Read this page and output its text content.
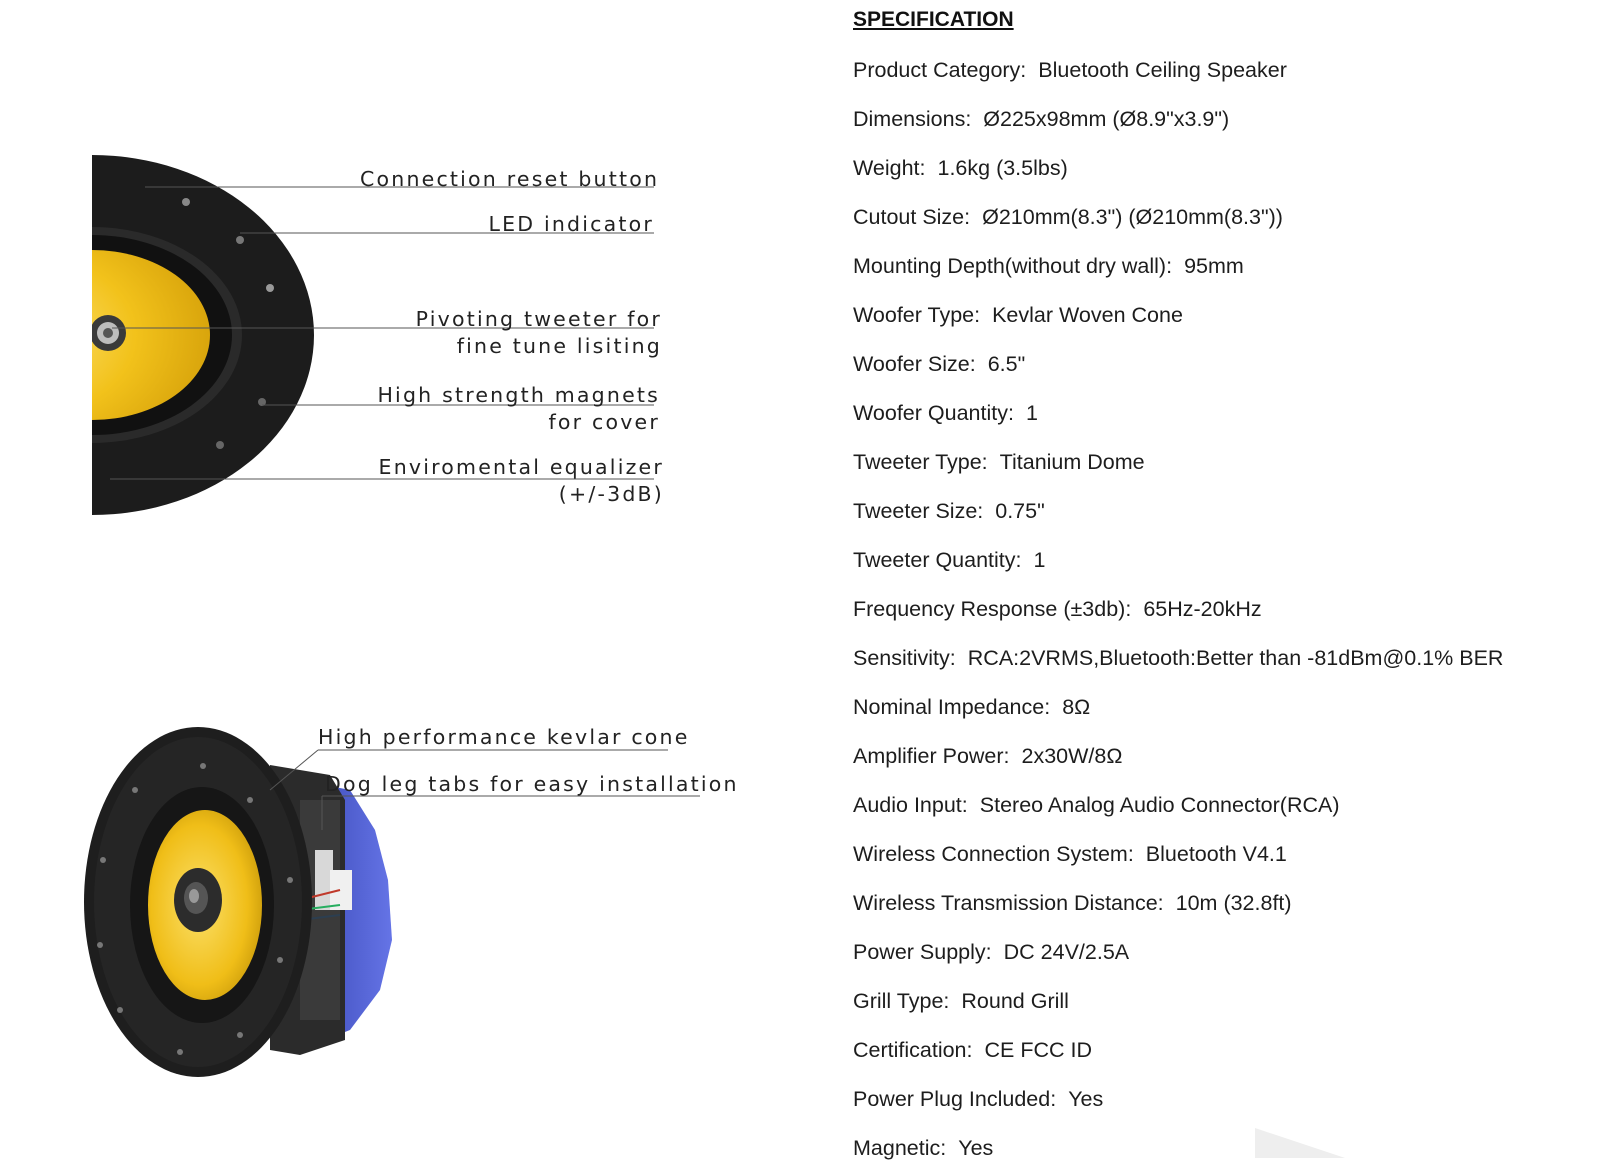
Connection reset button
LED indicator
Pivoting tweeter for
fine tune lisiting
High strength magnets
for cover
Enviromental equalizer
(+/-3dB)
High performance kevlar cone
Dog leg tabs for easy installation
SPECIFICATION
Product Category: Bluetooth Ceiling Speaker
Dimensions: Ø225x98mm (Ø8.9"x3.9")
Weight: 1.6kg (3.5lbs)
Cutout Size: Ø210mm(8.3") (Ø210mm(8.3"))
Mounting Depth(without dry wall): 95mm
Woofer Type: Kevlar Woven Cone
Woofer Size: 6.5"
Woofer Quantity: 1
Tweeter Type: Titanium Dome
Tweeter Size: 0.75"
Tweeter Quantity: 1
Frequency Response (±3db): 65Hz-20kHz
Sensitivity: RCA:2VRMS,Bluetooth:Better than -81dBm@0.1% BER
Nominal Impedance: 8Ω
Amplifier Power: 2x30W/8Ω
Audio Input: Stereo Analog Audio Connector(RCA)
Wireless Connection System: Bluetooth V4.1
Wireless Transmission Distance: 10m (32.8ft)
Power Supply: DC 24V/2.5A
Grill Type: Round Grill
Certification: CE FCC ID
Power Plug Included: Yes
Magnetic: Yes
